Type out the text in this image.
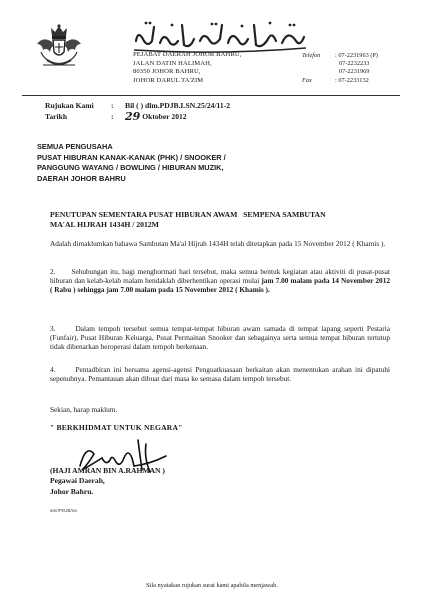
PEJABAT DAERAH JOHOR BAHRU,
JALAN DATIN HALIMAH,
80350 JOHOR BAHRU,
JOHOR DARUL TA'ZIM
Telefon	: 07-2231963 (P)
07-2232233
07-2231969
Fax	: 07-2233132
Rujukan Kami	:	Bil ( ) dlm.PDJB.LSN.25/24/11-2
Tarikh	:	29 Oktober 2012
SEMUA PENGUSAHA
PUSAT HIBURAN KANAK-KANAK (PHK) / SNOOKER /
PANGGUNG WAYANG / BOWLING / HIBURAN MUZIK,
DAERAH JOHOR BAHRU
PENUTUPAN SEMENTARA PUSAT HIBURAN AWAM   SEMPENA SAMBUTAN
MA'AL HIJRAH 1434H / 2012M
Adalah dimaklumkan bahawa Sambutan Ma'al Hijrah 1434H telah ditetapkan pada 15 November 2012 ( Khamis ).
2.      Sehubungan itu, bagi menghormati hari tersebut, maka semua bentuk kegiatan atau aktiviti di pusat-pusat hiburan dan kelab-kelab malam hendaklah diberhentikan operasi mulai jam 7.00 malam pada 14 November 2012 ( Rabu ) sehingga jam 7.00 malam pada 15 November 2012 ( Khamis ).
3.      Dalam tempoh tersebut semua tempat-tempat hiburan awam samada di tempat lapang seperti Pestaria (Funfair), Pusat Hiburan Keluarga, Pusat Permainan Snooker dan sebagainya serta semua tempat hiburan tertutup tidak dibenarkan beroperasi dalam tempoh berkenaan.
4.      Pentadbiran ini bersama agensi-agensi Penguatkuasaan berkaitan akan menentukan arahan ini dipatuhi sepenuhnya. Pemantauan akan dibuat dari masa ke semasa dalam tempoh tersebut.
Sekian, harap maklum.
" BERKHIDMAT UNTUK NEGARA"
(HAJI AMRAN BIN A.RAHMAN )
Pegawai Daerah,
Johor Bahru.
amr/PDJB/na
Sila nyatakan rujukan surat kami apabila menjawab.
